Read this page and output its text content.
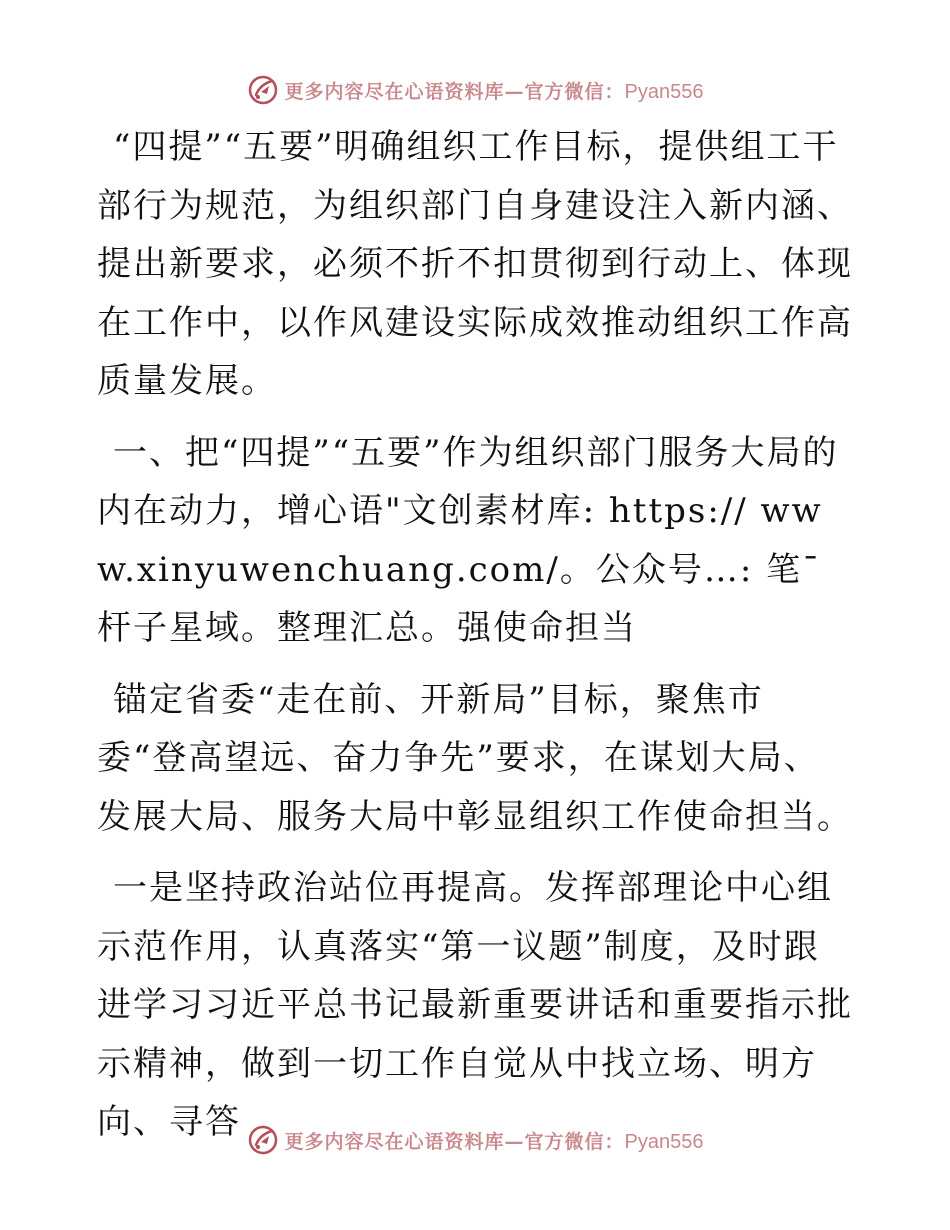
更多内容尽在心语资料库—官方微信：Pyan556

“四提”“五要”明确组织工作目标，提供组工干部行为规范，为组织部门自身建设注入新内涵、提出新要求，必须不折不扣贯彻到行动上、体现在工作中，以作风建设实际成效推动组织工作高质量发展。

一、把“四提”“五要”作为组织部门服务大局的内在动力，增心语"文创素材库: https:// www.xinyuwenchuang.com/。公众号…: 笔¯杆子星域。整理汇总。强使命担当

锚定省委“走在前、开新局”目标，聚焦市委“登高望远、奋力争先”要求，在谋划大局、发展大局、服务大局中彰显组织工作使命担当。

一是坚持政治站位再提高。发挥部理论中心组示范作用，认真落实“第一议题”制度，及时跟进学习习近平总书记最新重要讲话和重要指示批示精神，做到一切工作自觉从中找立场、明方向、寻答	更多内容尽在心语资料库—官方微信：Pyan556
